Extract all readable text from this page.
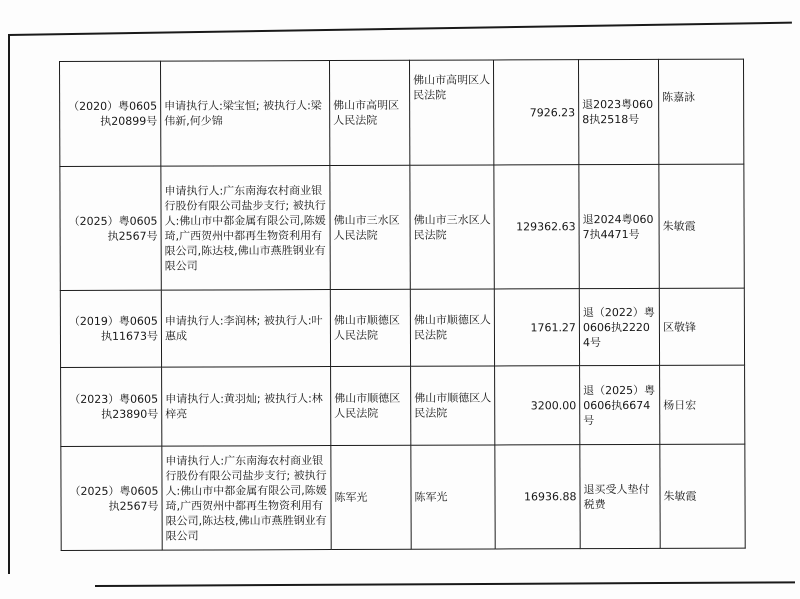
（2020）粤0605执20899号	申请执行人:梁宝恒; 被执行人:梁伟新,何少锦	佛山市高明区人民法院	佛山市高明区人民法院	7926.23	退2023粤0608执2518号	陈嘉詠
（2025）粤0605执2567号	申请执行人:广东南海农村商业银行股份有限公司盐步支行; 被执行人:佛山市中都金属有限公司,陈媛琦,广西贺州中都再生物资利用有限公司,陈达枝,佛山市燕胜钢业有限公司	佛山市三水区人民法院	佛山市三水区人民法院	129362.63	退2024粤0607执4471号	朱敏霞
（2019）粤0605执11673号	申请执行人:李润林; 被执行人:叶惠成	佛山市顺德区人民法院	佛山市顺德区人民法院	1761.27	退（2022）粤0606执22204号	区敬锋
（2023）粤0605执23890号	申请执行人:黄羽灿; 被执行人:林梓亮	佛山市顺德区人民法院	佛山市顺德区人民法院	3200.00	退（2025）粤0606执6674号	杨日宏
（2025）粤0605执2567号	申请执行人:广东南海农村商业银行股份有限公司盐步支行; 被执行人:佛山市中都金属有限公司,陈媛琦,广西贺州中都再生物资利用有限公司,陈达枝,佛山市燕胜钢业有限公司	陈军光	陈军光	16936.88	退买受人垫付税费	朱敏霞
